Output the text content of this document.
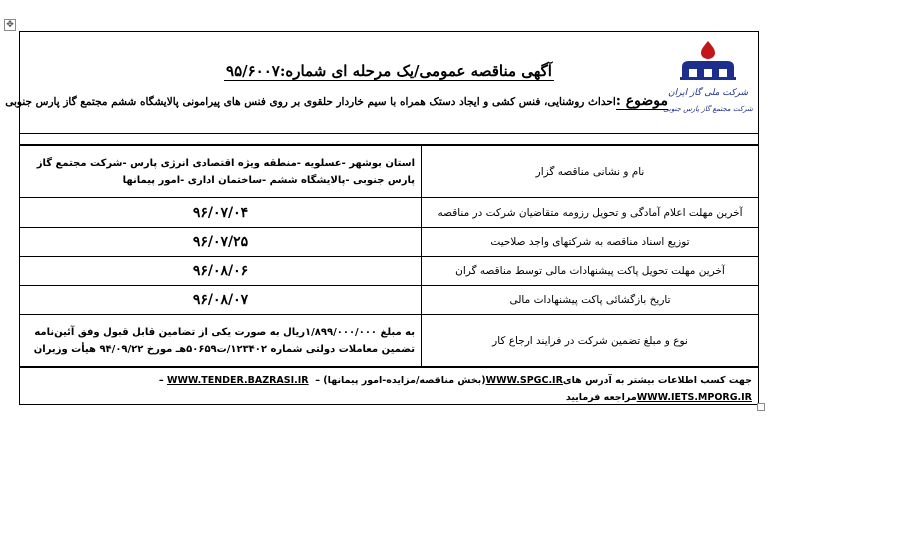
✥
شرکت ملی گاز ایران
شرکت مجتمع گاز پارس جنوبی
آگهی مناقصه عمومی/یک مرحله ای شماره:۹۵/۶۰۰۷
موضوع :احداث روشنایی، فنس کشی و ایجاد دستک همراه با سیم خاردار حلقوی بر روی فنس های پیرامونی پالایشگاه ششم مجتمع گاز پارس جنوبی
نام و نشانی مناقصه گزار	استان بوشهر -عسلویه -منطقه ویژه اقتصادی انرژی پارس -شرکت مجتمع گاز پارس جنوبی -پالایشگاه ششم -ساختمان اداری -امور پیمانها
آخرین مهلت اعلام آمادگی و تحویل رزومه متقاضیان شرکت در مناقصه	۹۶/۰۷/۰۴
توزیع اسناد مناقصه به شرکتهای واجد صلاحیت	۹۶/۰۷/۲۵
آخرین مهلت تحویل پاکت پیشنهادات مالی توسط مناقصه گران	۹۶/۰۸/۰۶
تاریخ بازگشائی پاکت پیشنهادات مالی	۹۶/۰۸/۰۷
نوع و مبلغ تضمین شرکت در فرایند ارجاع کار	به مبلغ ۱/۸۹۹/۰۰۰/۰۰۰ریال به صورت یکی از تضامین قابل قبول وفق آئین‌نامه تضمین معاملات دولتی شماره ۱۲۳۴۰۲/ت۵۰۶۵۹هـ مورخ ۹۴/۰۹/۲۲ هیأت وزیران
جهت کسب اطلاعات بیشتر به آدرس هایWWW.SPGC.IR(بخش مناقصه/مزایده-امور پیمانها) –  WWW.TENDER.BAZRASI.IR –
WWW.IETS.MPORG.IRمراجعه فرمایید
